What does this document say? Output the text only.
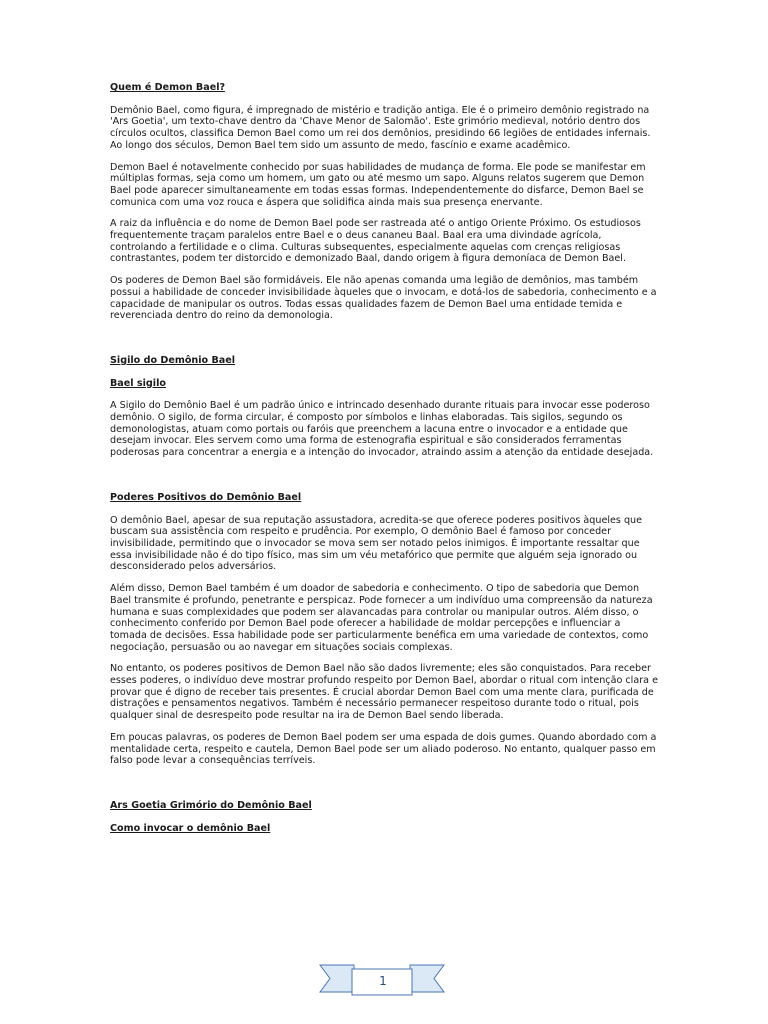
Quem é Demon Bael?

Demônio Bael, como figura, é impregnado de mistério e tradição antiga. Ele é o primeiro demônio registrado na 'Ars Goetia', um texto-chave dentro da 'Chave Menor de Salomão'. Este grimório medieval, notório dentro dos círculos ocultos, classifica Demon Bael como um rei dos demônios, presidindo 66 legiões de entidades infernais. Ao longo dos séculos, Demon Bael tem sido um assunto de medo, fascínio e exame acadêmico.

Demon Bael é notavelmente conhecido por suas habilidades de mudança de forma. Ele pode se manifestar em múltiplas formas, seja como um homem, um gato ou até mesmo um sapo. Alguns relatos sugerem que Demon Bael pode aparecer simultaneamente em todas essas formas. Independentemente do disfarce, Demon Bael se comunica com uma voz rouca e áspera que solidifica ainda mais sua presença enervante.

A raiz da influência e do nome de Demon Bael pode ser rastreada até o antigo Oriente Próximo. Os estudiosos frequentemente traçam paralelos entre Bael e o deus cananeu Baal. Baal era uma divindade agrícola, controlando a fertilidade e o clima. Culturas subsequentes, especialmente aquelas com crenças religiosas contrastantes, podem ter distorcido e demonizado Baal, dando origem à figura demoníaca de Demon Bael.

Os poderes de Demon Bael são formidáveis. Ele não apenas comanda uma legião de demônios, mas também possui a habilidade de conceder invisibilidade àqueles que o invocam, e dotá-los de sabedoria, conhecimento e a capacidade de manipular os outros. Todas essas qualidades fazem de Demon Bael uma entidade temida e reverenciada dentro do reino da demonologia.

Sigilo do Demônio Bael
Bael sigilo

A Sigilo do Demônio Bael é um padrão único e intrincado desenhado durante rituais para invocar esse poderoso demônio. O sigilo, de forma circular, é composto por símbolos e linhas elaboradas. Tais sigilos, segundo os demonologistas, atuam como portais ou faróis que preenchem a lacuna entre o invocador e a entidade que desejam invocar. Eles servem como uma forma de estenografia espiritual e são considerados ferramentas poderosas para concentrar a energia e a intenção do invocador, atraindo assim a atenção da entidade desejada.

Poderes Positivos do Demônio Bael

O demônio Bael, apesar de sua reputação assustadora, acredita-se que oferece poderes positivos àqueles que buscam sua assistência com respeito e prudência. Por exemplo, O demônio Bael é famoso por conceder invisibilidade, permitindo que o invocador se mova sem ser notado pelos inimigos. É importante ressaltar que essa invisibilidade não é do tipo físico, mas sim um véu metafórico que permite que alguém seja ignorado ou desconsiderado pelos adversários.

Além disso, Demon Bael também é um doador de sabedoria e conhecimento. O tipo de sabedoria que Demon Bael transmite é profundo, penetrante e perspicaz. Pode fornecer a um indivíduo uma compreensão da natureza humana e suas complexidades que podem ser alavancadas para controlar ou manipular outros. Além disso, o conhecimento conferido por Demon Bael pode oferecer a habilidade de moldar percepções e influenciar a tomada de decisões. Essa habilidade pode ser particularmente benéfica em uma variedade de contextos, como negociação, persuasão ou ao navegar em situações sociais complexas.

No entanto, os poderes positivos de Demon Bael não são dados livremente; eles são conquistados. Para receber esses poderes, o indivíduo deve mostrar profundo respeito por Demon Bael, abordar o ritual com intenção clara e provar que é digno de receber tais presentes. É crucial abordar Demon Bael com uma mente clara, purificada de distrações e pensamentos negativos. Também é necessário permanecer respeitoso durante todo o ritual, pois qualquer sinal de desrespeito pode resultar na ira de Demon Bael sendo liberada.

Em poucas palavras, os poderes de Demon Bael podem ser uma espada de dois gumes. Quando abordado com a mentalidade certa, respeito e cautela, Demon Bael pode ser um aliado poderoso. No entanto, qualquer passo em falso pode levar a consequências terríveis.

Ars Goetia Grimório do Demônio Bael
Como invocar o demônio Bael
1
